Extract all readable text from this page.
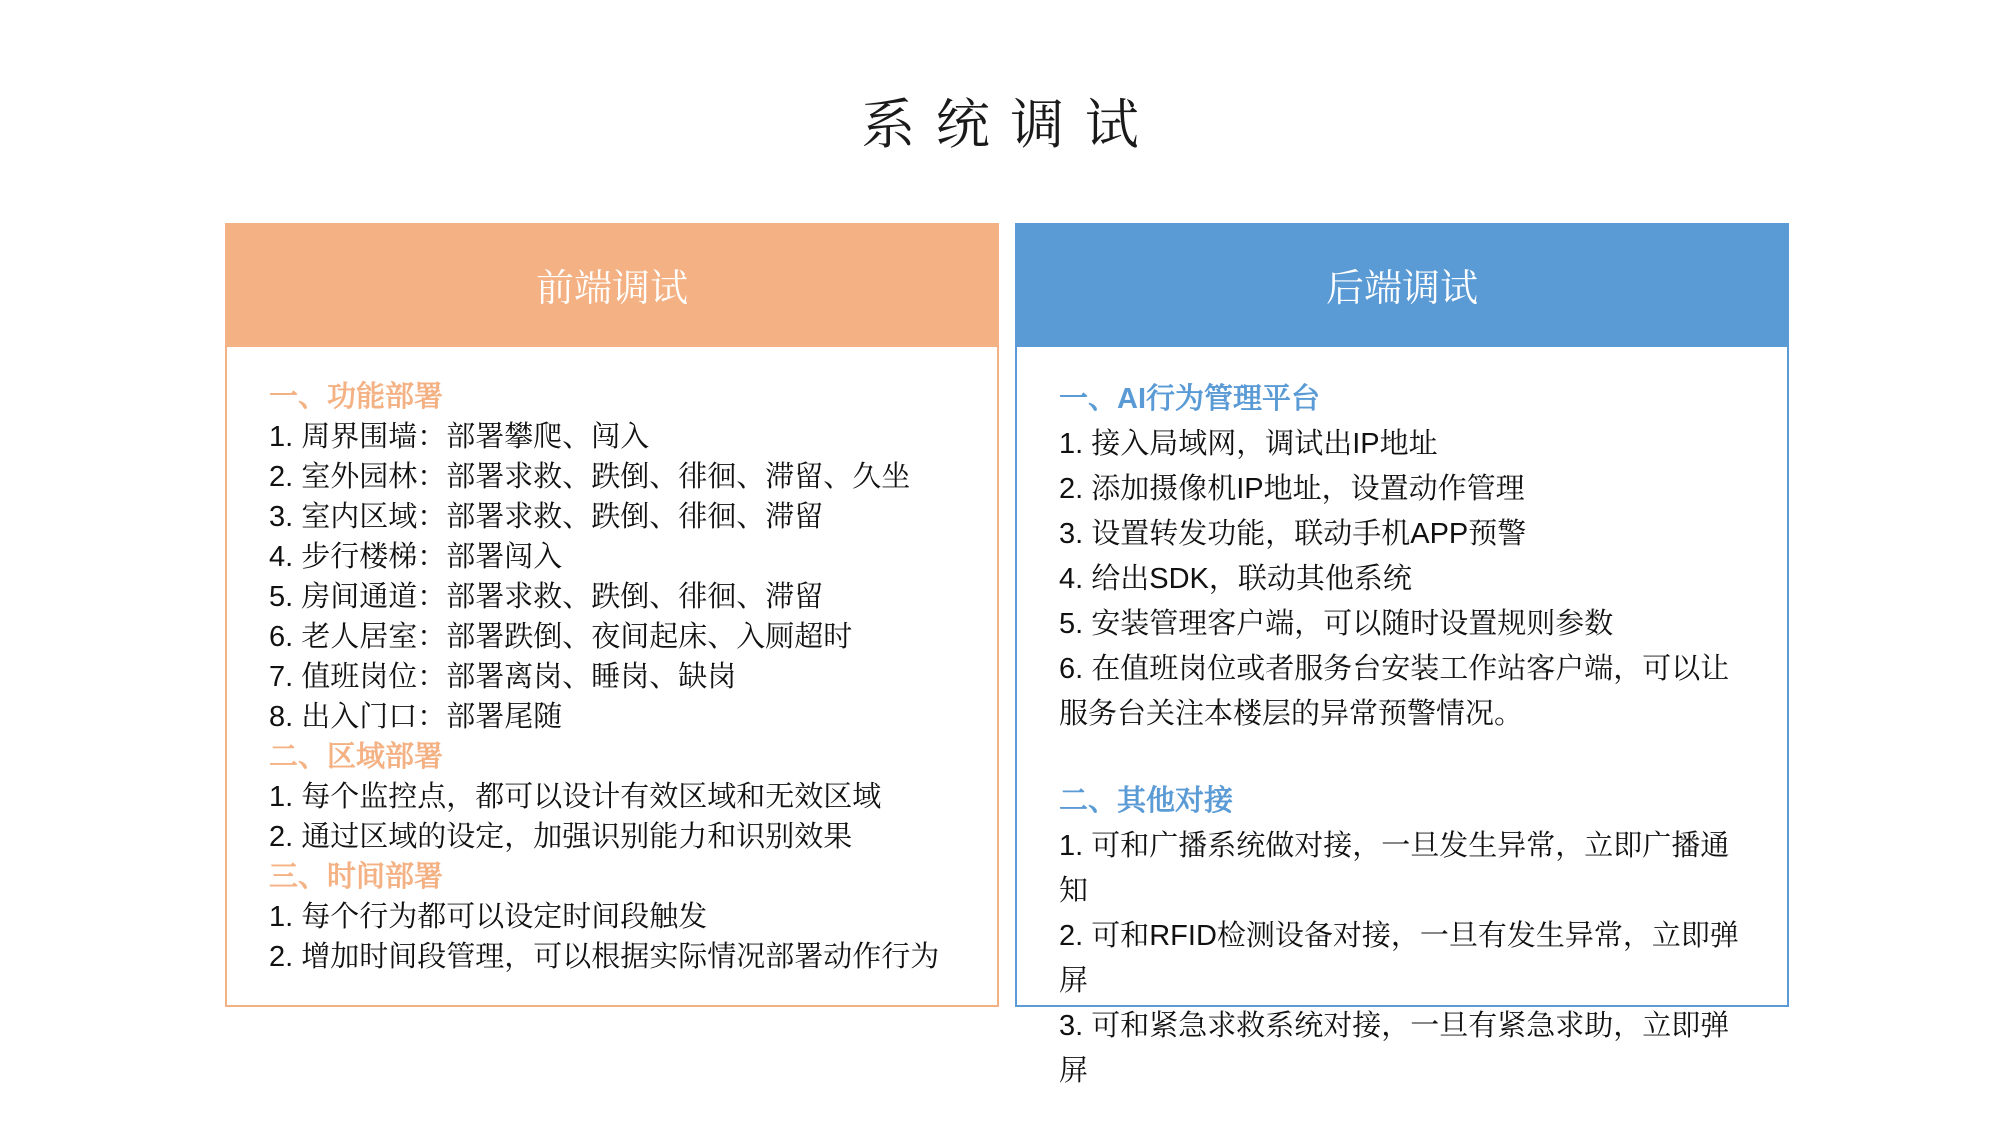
系统调试
前端调试
一、功能部署
1. 周界围墙：部署攀爬、闯入
2. 室外园林：部署求救、跌倒、徘徊、滞留、久坐
3. 室内区域：部署求救、跌倒、徘徊、滞留
4. 步行楼梯：部署闯入
5. 房间通道：部署求救、跌倒、徘徊、滞留
6. 老人居室：部署跌倒、夜间起床、入厕超时
7. 值班岗位：部署离岗、睡岗、缺岗
8. 出入门口：部署尾随
二、区域部署
1. 每个监控点，都可以设计有效区域和无效区域
2. 通过区域的设定，加强识别能力和识别效果
三、时间部署
1. 每个行为都可以设定时间段触发
2. 增加时间段管理，可以根据实际情况部署动作行为
后端调试
一、AI行为管理平台
1. 接入局域网，调试出IP地址
2. 添加摄像机IP地址，设置动作管理
3. 设置转发功能，联动手机APP预警
4. 给出SDK，联动其他系统
5. 安装管理客户端，可以随时设置规则参数
6. 在值班岗位或者服务台安装工作站客户端，可以让服务台关注本楼层的异常预警情况。
二、其他对接
1. 可和广播系统做对接，一旦发生异常，立即广播通知
2. 可和RFID检测设备对接，一旦有发生异常，立即弹屏
3. 可和紧急求救系统对接，一旦有紧急求助，立即弹屏
